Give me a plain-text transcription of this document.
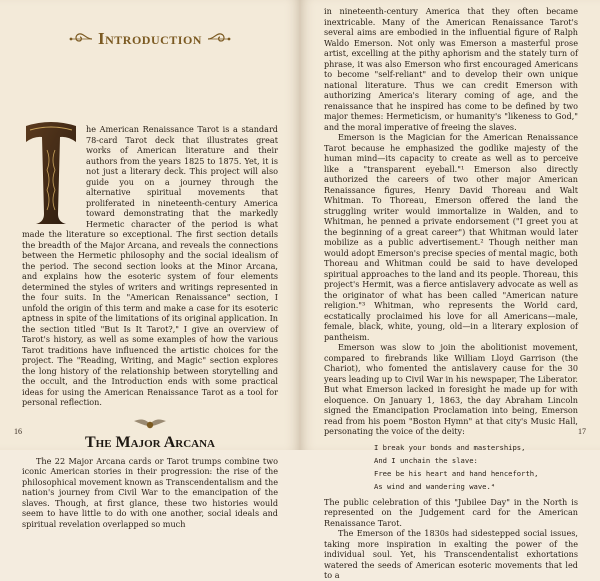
Introduction

he American Renaissance Tarot is a standard 78-card Tarot deck that illustrates great works of American literature and their authors from the years 1825 to 1875. Yet, it is not just a literary deck. This project will also guide you on a journey through the alternative spiritual movements that proliferated in nineteenth-century America toward demonstrating that the markedly Hermetic character of the period is what made the literature so exceptional. The first section details the breadth of the Major Arcana, and reveals the connections between the Hermetic philosophy and the social idealism of the period. The second section looks at the Minor Arcana, and explains how the esoteric system of four elements determined the styles of writers and writings represented in the four suits. In the "American Renaissance" section, I unfold the origin of this term and make a case for its esoteric aptness in spite of the limitations of its original application. In the section titled "But Is It Tarot?," I give an overview of Tarot's history, as well as some examples of how the various Tarot traditions have influenced the artistic choices for the project. The "Reading, Writing, and Magic" section explores the long history of the relationship between storytelling and the occult, and the Introduction ends with some practical ideas for using the American Renaissance Tarot as a tool for personal reflection.

The Major Arcana

The 22 Major Arcana cards or Tarot trumps combine two iconic American stories in their progression: the rise of the philosophical movement known as Transcendentalism and the nation's journey from Civil War to the emancipation of the slaves. Though, at first glance, these two histories would seem to have little to do with one another, social ideals and spiritual revelation overlapped so much

16

in nineteenth-century America that they often became inextricable. Many of the American Renaissance Tarot's several aims are embodied in the influential figure of Ralph Waldo Emerson. Not only was Emerson a masterful prose artist, excelling at the pithy aphorism and the stately turn of phrase, it was also Emerson who first encouraged Americans to become "self-reliant" and to develop their own unique national literature. Thus we can credit Emerson with authorizing America's literary coming of age, and the renaissance that he inspired has come to be defined by two major themes: Hermeticism, or humanity's "likeness to God," and the moral imperative of freeing the slaves.

Emerson is the Magician for the American Renaissance Tarot because he emphasized the godlike majesty of the human mind—its capacity to create as well as to perceive like a "transparent eyeball."¹ Emerson also directly authorized the careers of two other major American Renaissance figures, Henry David Thoreau and Walt Whitman. To Thoreau, Emerson offered the land the struggling writer would immortalize in Walden, and to Whitman, he penned a private endorsement ("I greet you at the beginning of a great career") that Whitman would later mobilize as a public advertisement.² Though neither man would adopt Emerson's precise species of mental magic, both Thoreau and Whitman could be said to have developed spiritual approaches to the land and its people. Thoreau, this project's Hermit, was a fierce antislavery advocate as well as the originator of what has been called "American nature religion."³ Whitman, who represents the World card, ecstatically proclaimed his love for all Americans—male, female, black, white, young, old—in a literary explosion of pantheism.

Emerson was slow to join the abolitionist movement, compared to firebrands like William Lloyd Garrison (the Chariot), who fomented the antislavery cause for the 30 years leading up to Civil War in his newspaper, The Liberator. But what Emerson lacked in foresight he made up for with eloquence. On January 1, 1863, the day Abraham Lincoln signed the Emancipation Proclamation into being, Emerson read from his poem "Boston Hymn" at that city's Music Hall, personating the voice of the deity:

I break your bonds and masterships,
And I unchain the slave:
Free be his heart and hand henceforth,
As wind and wandering wave.⁴

The public celebration of this "Jubilee Day" in the North is represented on the Judgement card for the American Renaissance Tarot.

The Emerson of the 1830s had sidestepped social issues, taking more inspiration in exalting the power of the individual soul. Yet, his Transcendentalist exhortations watered the seeds of American esoteric movements that led to a

17
